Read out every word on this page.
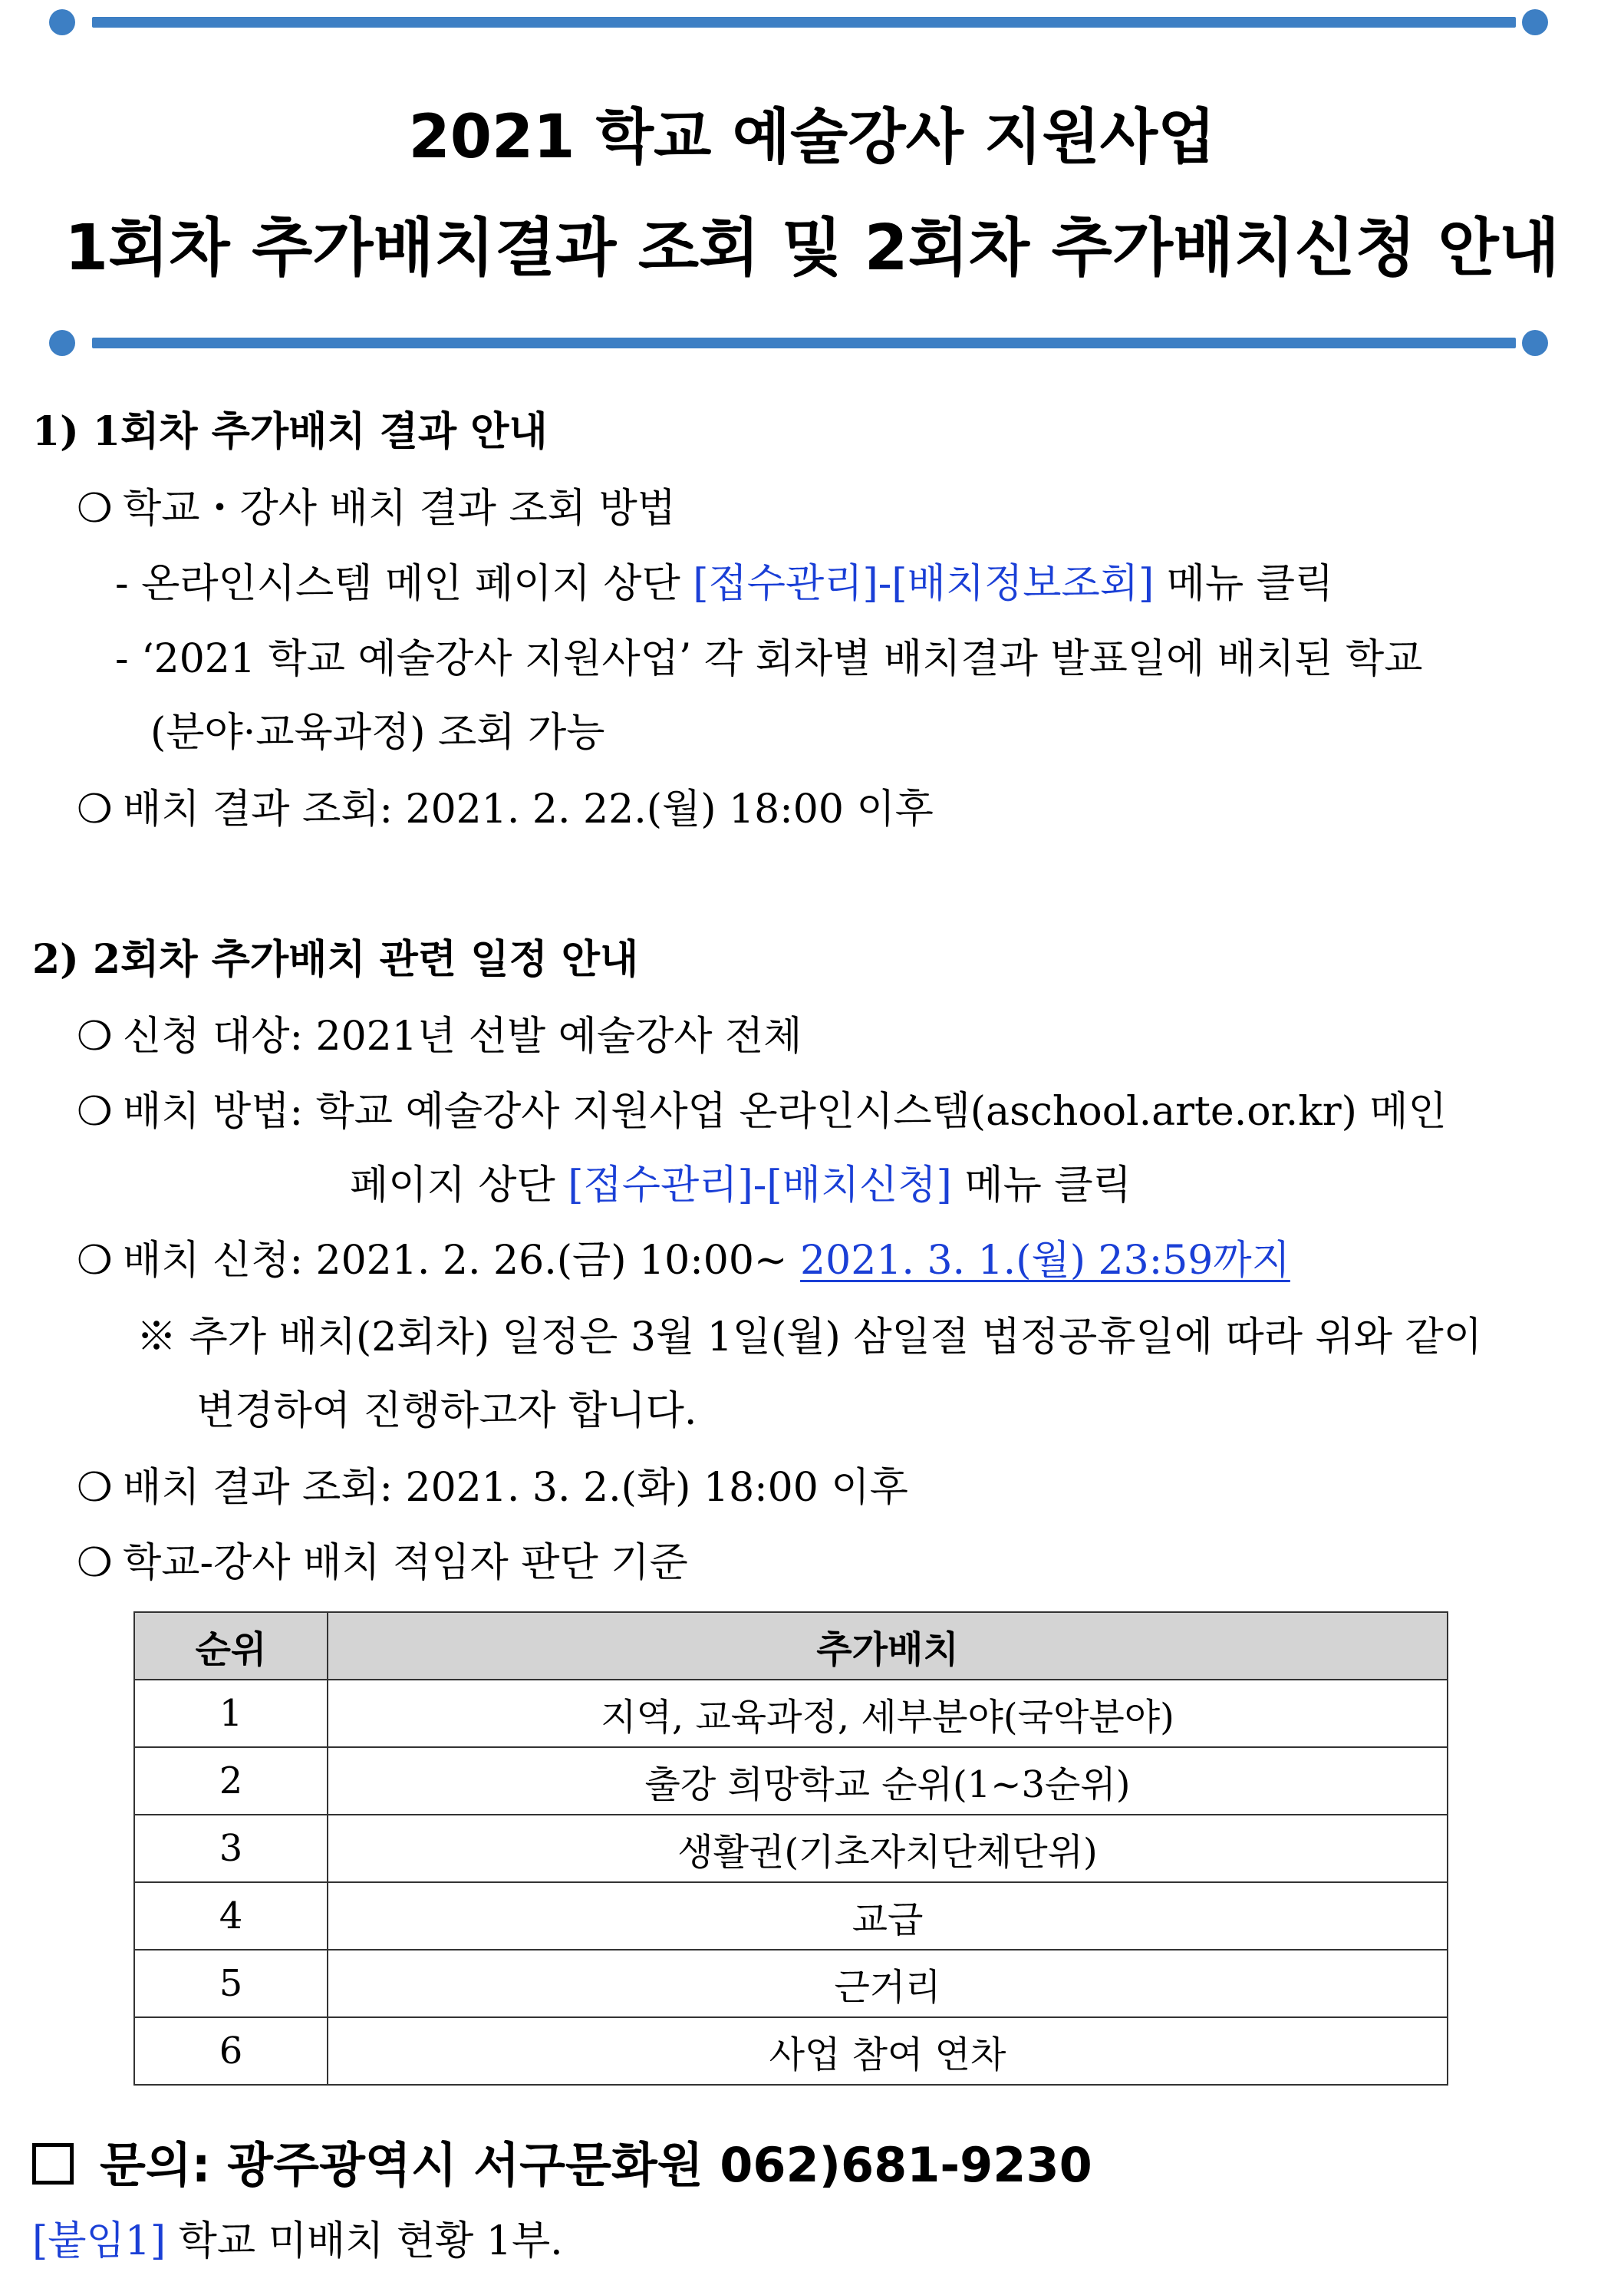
2021 학교 예술강사 지원사업
1회차 추가배치결과 조회 및 2회차 추가배치신청 안내
1) 1회차 추가배치 결과 안내
❍ 학교・강사 배치 결과 조회 방법
- 온라인시스템 메인 페이지 상단 [접수관리]-[배치정보조회] 메뉴 클릭
- ‘2021 학교 예술강사 지원사업’ 각 회차별 배치결과 발표일에 배치된 학교
(분야·교육과정) 조회 가능
❍ 배치 결과 조회: 2021. 2. 22.(월) 18:00 이후
2) 2회차 추가배치 관련 일정 안내
❍ 신청 대상: 2021년 선발 예술강사 전체
❍ 배치 방법: 학교 예술강사 지원사업 온라인시스템(aschool.arte.or.kr) 메인
페이지 상단 [접수관리]-[배치신청] 메뉴 클릭
❍ 배치 신청: 2021. 2. 26.(금) 10:00~ 2021. 3. 1.(월) 23:59까지
※ 추가 배치(2회차) 일정은 3월 1일(월) 삼일절 법정공휴일에 따라 위와 같이
변경하여 진행하고자 합니다.
❍ 배치 결과 조회: 2021. 3. 2.(화) 18:00 이후
❍ 학교-강사 배치 적임자 판단 기준
순위	추가배치
1	지역, 교육과정, 세부분야(국악분야)
2	출강 희망학교 순위(1~3순위)
3	생활권(기초자치단체단위)
4	교급
5	근거리
6	사업 참여 연차
문의: 광주광역시 서구문화원 062)681-9230
[붙임1] 학교 미배치 현황 1부.
